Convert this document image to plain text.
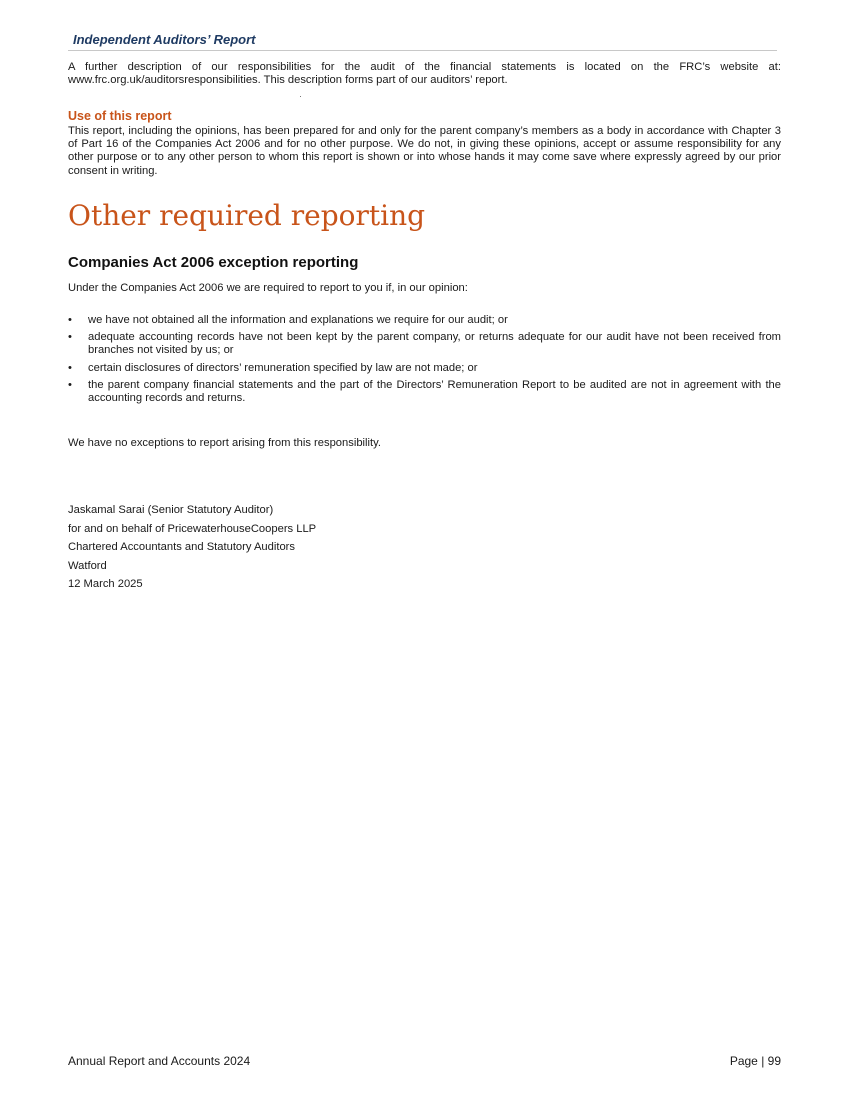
Independent Auditors’ Report
A further description of our responsibilities for the audit of the financial statements is located on the FRC’s website at: www.frc.org.uk/auditorsresponsibilities. This description forms part of our auditors’ report.
Use of this report
This report, including the opinions, has been prepared for and only for the parent company’s members as a body in accordance with Chapter 3 of Part 16 of the Companies Act 2006 and for no other purpose. We do not, in giving these opinions, accept or assume responsibility for any other purpose or to any other person to whom this report is shown or into whose hands it may come save where expressly agreed by our prior consent in writing.
Other required reporting
Companies Act 2006 exception reporting
Under the Companies Act 2006 we are required to report to you if, in our opinion:
• we have not obtained all the information and explanations we require for our audit; or
• adequate accounting records have not been kept by the parent company, or returns adequate for our audit have not been received from branches not visited by us; or
• certain disclosures of directors’ remuneration specified by law are not made; or
• the parent company financial statements and the part of the Directors’ Remuneration Report to be audited are not in agreement with the accounting records and returns.
We have no exceptions to report arising from this responsibility.
Jaskamal Sarai (Senior Statutory Auditor)
for and on behalf of PricewaterhouseCoopers LLP
Chartered Accountants and Statutory Auditors
Watford
12 March 2025
Annual Report and Accounts 2024	Page | 99
